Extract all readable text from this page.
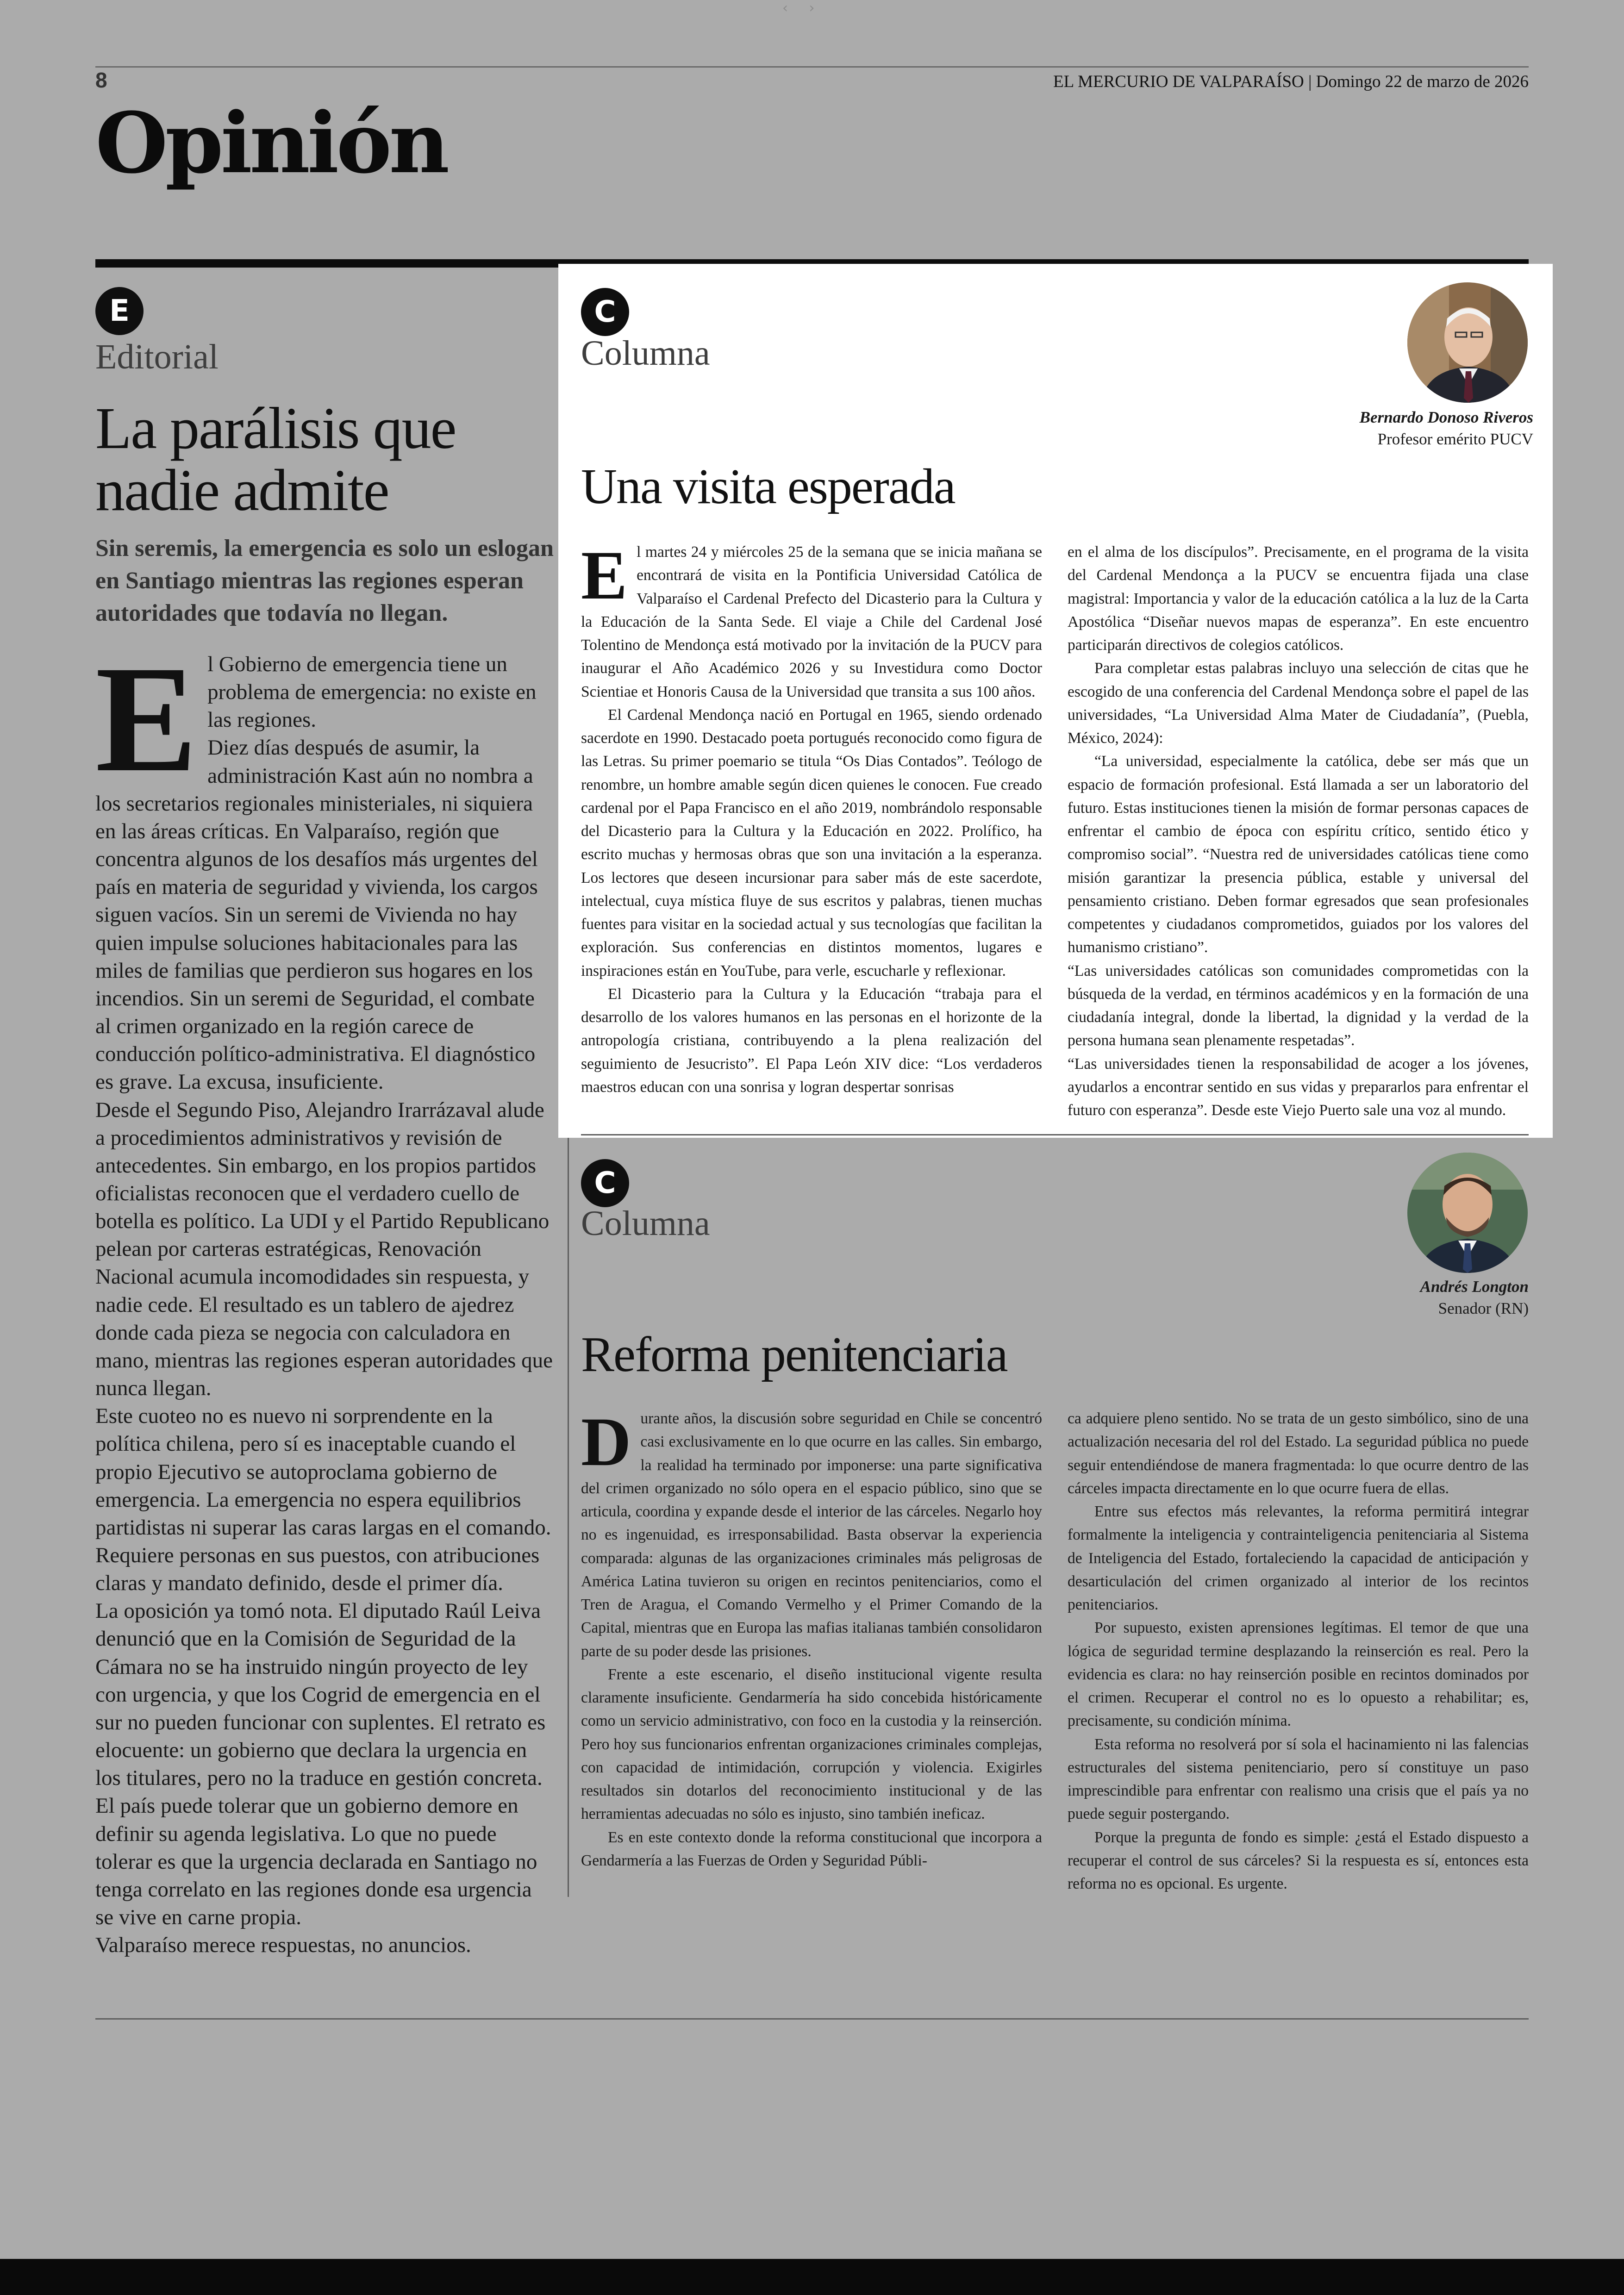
‹ ›
8	EL MERCURIO DE VALPARAÍSO | Domingo 22 de marzo de 2026
Opinión
E
Editorial
La parálisis que
nadie admite
Sin seremis, la emergencia es solo un eslogan en Santiago mientras las regiones esperan autoridades que todavía no llegan.
E l Gobierno de emergencia tiene un problema de emergencia: no existe en las regiones.
Diez días después de asumir, la administración Kast aún no nombra a los secretarios regionales ministeriales, ni siquiera en las áreas críticas. En Valparaíso, región que concentra algunos de los desafíos más urgentes del país en materia de seguridad y vivienda, los cargos siguen vacíos. Sin un seremi de Vivienda no hay quien impulse soluciones habitacionales para las miles de familias que perdieron sus hogares en los incendios. Sin un seremi de Seguridad, el combate al crimen organizado en la región carece de conducción político-administrativa. El diagnóstico es grave. La excusa, insuficiente.
Desde el Segundo Piso, Alejandro Irarrázaval alude a procedimientos administrativos y revisión de antecedentes. Sin embargo, en los propios partidos oficialistas reconocen que el verdadero cuello de botella es político. La UDI y el Partido Republicano pelean por carteras estratégicas, Renovación Nacional acumula incomodidades sin respuesta, y nadie cede. El resultado es un tablero de ajedrez donde cada pieza se negocia con calculadora en mano, mientras las regiones esperan autoridades que nunca llegan.
Este cuoteo no es nuevo ni sorprendente en la política chilena, pero sí es inaceptable cuando el propio Ejecutivo se autoproclama gobierno de emergencia. La emergencia no espera equilibrios partidistas ni superar las caras largas en el comando. Requiere personas en sus puestos, con atribuciones claras y mandato definido, desde el primer día.
La oposición ya tomó nota. El diputado Raúl Leiva denunció que en la Comisión de Seguridad de la Cámara no se ha instruido ningún proyecto de ley con urgencia, y que los Cogrid de emergencia en el sur no pueden funcionar con suplentes. El retrato es elocuente: un gobierno que declara la urgencia en los titulares, pero no la traduce en gestión concreta.
El país puede tolerar que un gobierno demore en definir su agenda legislativa. Lo que no puede tolerar es que la urgencia declarada en Santiago no tenga correlato en las regiones donde esa urgencia se vive en carne propia.
Valparaíso merece respuestas, no anuncios.
C
Columna
Bernardo Donoso Riveros
Profesor emérito PUCV
Una visita esperada
E l martes 24 y miércoles 25 de la semana que se inicia mañana se encontrará de visita en la Pontificia Universidad Católica de Valparaíso el Cardenal Prefecto del Dicasterio para la Cultura y la Educación de la Santa Sede. El viaje a Chile del Cardenal José Tolentino de Mendonça está motivado por la invitación de la PUCV para inaugurar el Año Académico 2026 y su Investidura como Doctor Scientiae et Honoris Causa de la Universidad que transita a sus 100 años.

El Cardenal Mendonça nació en Portugal en 1965, siendo ordenado sacerdote en 1990. Destacado poeta portugués reconocido como figura de las Letras. Su primer poemario se titula “Os Dias Contados”. Teólogo de renombre, un hombre amable según dicen quienes le conocen. Fue creado cardenal por el Papa Francisco en el año 2019, nombrándolo responsable del Dicasterio para la Cultura y la Educación en 2022. Prolífico, ha escrito muchas y hermosas obras que son una invitación a la esperanza. Los lectores que deseen incursionar para saber más de este sacerdote, intelectual, cuya mística fluye de sus escritos y palabras, tienen muchas fuentes para visitar en la sociedad actual y sus tecnologías que facilitan la exploración. Sus conferencias en distintos momentos, lugares e inspiraciones están en YouTube, para verle, escucharle y reflexionar.

El Dicasterio para la Cultura y la Educación “trabaja para el desarrollo de los valores humanos en las personas en el horizonte de la antropología cristiana, contribuyendo a la plena realización del seguimiento de Jesucristo”. El Papa León XIV dice: “Los verdaderos maestros educan con una sonrisa y logran despertar sonrisas

en el alma de los discípulos”. Precisamente, en el programa de la visita del Cardenal Mendonça a la PUCV se encuentra fijada una clase magistral: Importancia y valor de la educación católica a la luz de la Carta Apostólica “Diseñar nuevos mapas de esperanza”. En este encuentro participarán directivos de colegios católicos.

Para completar estas palabras incluyo una selección de citas que he escogido de una conferencia del Cardenal Mendonça sobre el papel de las universidades, “La Universidad Alma Mater de Ciudadanía”, (Puebla, México, 2024):

“La universidad, especialmente la católica, debe ser más que un espacio de formación profesional. Está llamada a ser un laboratorio del futuro. Estas instituciones tienen la misión de formar personas capaces de enfrentar el cambio de época con espíritu crítico, sentido ético y compromiso social”. “Nuestra red de universidades católicas tiene como misión garantizar la presencia pública, estable y universal del pensamiento cristiano. Deben formar egresados que sean profesionales competentes y ciudadanos comprometidos, guiados por los valores del humanismo cristiano”.

“Las universidades católicas son comunidades comprometidas con la búsqueda de la verdad, en términos académicos y en la formación de una ciudadanía integral, donde la libertad, la dignidad y la verdad de la persona humana sean plenamente respetadas”.

“Las universidades tienen la responsabilidad de acoger a los jóvenes, ayudarlos a encontrar sentido en sus vidas y prepararlos para enfrentar el futuro con esperanza”. Desde este Viejo Puerto sale una voz al mundo.

C
Columna
Andrés Longton
Senador (RN)
Reforma penitenciaria
D urante años, la discusión sobre seguridad en Chile se concentró casi exclusivamente en lo que ocurre en las calles. Sin embargo, la realidad ha terminado por imponerse: una parte significativa del crimen organizado no sólo opera en el espacio público, sino que se articula, coordina y expande desde el interior de las cárceles. Negarlo hoy no es ingenuidad, es irresponsabilidad. Basta observar la experiencia comparada: algunas de las organizaciones criminales más peligrosas de América Latina tuvieron su origen en recintos penitenciarios, como el Tren de Aragua, el Comando Vermelho y el Primer Comando de la Capital, mientras que en Europa las mafias italianas también consolidaron parte de su poder desde las prisiones.

Frente a este escenario, el diseño institucional vigente resulta claramente insuficiente. Gendarmería ha sido concebida históricamente como un servicio administrativo, con foco en la custodia y la reinserción. Pero hoy sus funcionarios enfrentan organizaciones criminales complejas, con capacidad de intimidación, corrupción y violencia. Exigirles resultados sin dotarlos del reconocimiento institucional y de las herramientas adecuadas no sólo es injusto, sino también ineficaz.

Es en este contexto donde la reforma constitucional que incorpora a Gendarmería a las Fuerzas de Orden y Seguridad Públi-

ca adquiere pleno sentido. No se trata de un gesto simbólico, sino de una actualización necesaria del rol del Estado. La seguridad pública no puede seguir entendiéndose de manera fragmentada: lo que ocurre dentro de las cárceles impacta directamente en lo que ocurre fuera de ellas.

Entre sus efectos más relevantes, la reforma permitirá integrar formalmente la inteligencia y contrainteligencia penitenciaria al Sistema de Inteligencia del Estado, fortaleciendo la capacidad de anticipación y desarticulación del crimen organizado al interior de los recintos penitenciarios.

Por supuesto, existen aprensiones legítimas. El temor de que una lógica de seguridad termine desplazando la reinserción es real. Pero la evidencia es clara: no hay reinserción posible en recintos dominados por el crimen. Recuperar el control no es lo opuesto a rehabilitar; es, precisamente, su condición mínima.

Esta reforma no resolverá por sí sola el hacinamiento ni las falencias estructurales del sistema penitenciario, pero sí constituye un paso imprescindible para enfrentar con realismo una crisis que el país ya no puede seguir postergando.

Porque la pregunta de fondo es simple: ¿está el Estado dispuesto a recuperar el control de sus cárceles? Si la respuesta es sí, entonces esta reforma no es opcional. Es urgente.
